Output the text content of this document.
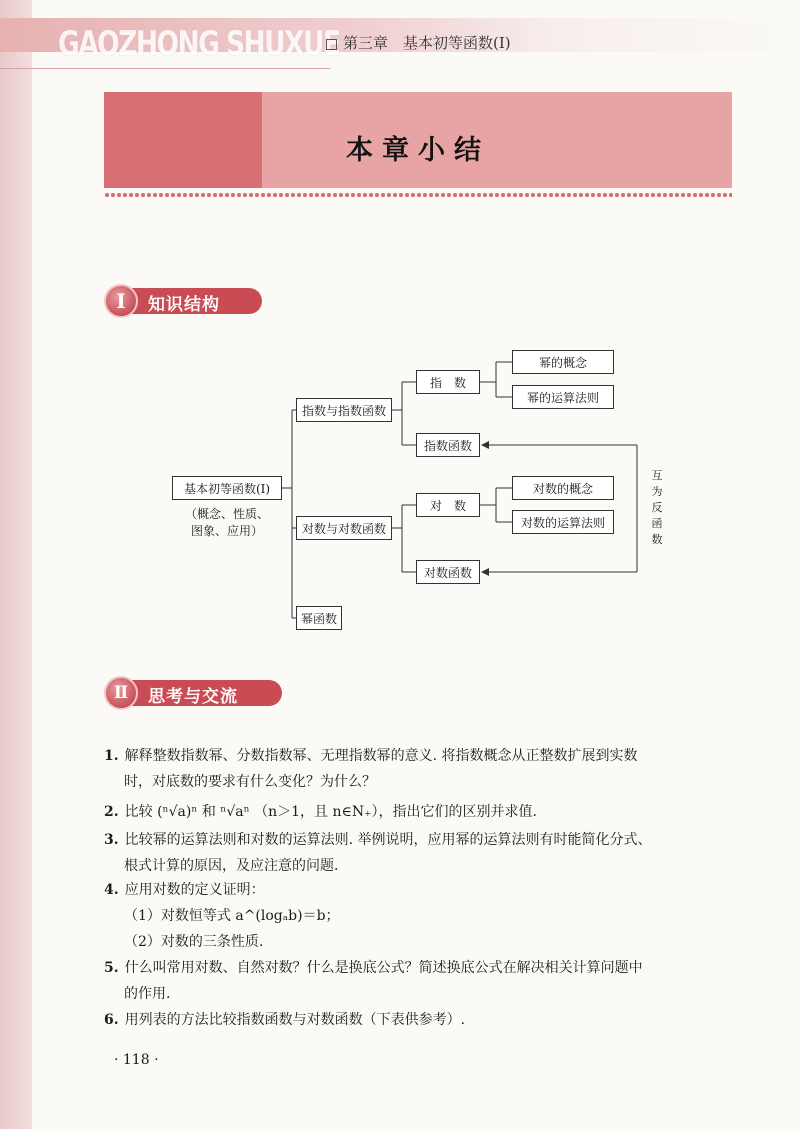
GAOZHONG SHUXUE 第三章　基本初等函数(Ⅰ)
本章小结
Ⅰ	知识结构
基本初等函数(Ⅰ)
（概念、性质、
图象、应用）
指数与指数函数
对数与对数函数
幂函数
指　数
指数函数
幂的概念
幂的运算法则
对　数
对数函数
对数的概念
对数的运算法则
互
为
反
函
数
Ⅱ	思考与交流
1. 解释整数指数幂、分数指数幂、无理指数幂的意义. 将指数概念从正整数扩展到实数
时，对底数的要求有什么变化？为什么？
2. 比较 (ⁿ√a)ⁿ 和 ⁿ√aⁿ （n＞1，且 n∈N₊），指出它们的区别并求值.
3. 比较幂的运算法则和对数的运算法则. 举例说明，应用幂的运算法则有时能简化分式、
根式计算的原因，及应注意的问题.
4. 应用对数的定义证明：
（1）对数恒等式 a^(logₐb)＝b；
（2）对数的三条性质.
5. 什么叫常用对数、自然对数？什么是换底公式？简述换底公式在解决相关计算问题中
的作用.
6. 用列表的方法比较指数函数与对数函数（下表供参考）.
· 118 ·
